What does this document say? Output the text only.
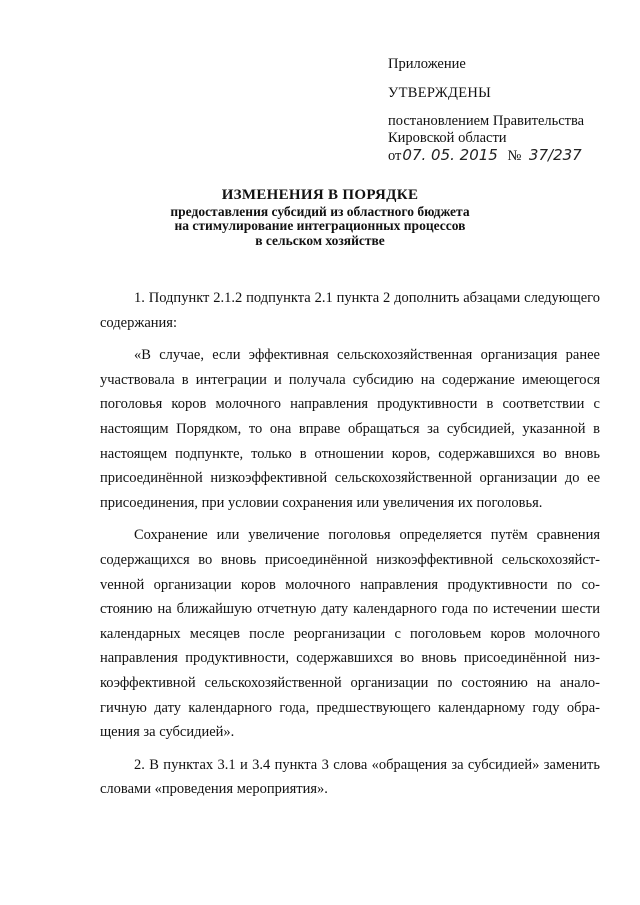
Приложение

УТВЕРЖДЕНЫ

постановлением Правительства

Кировской области

от07. 05. 2015 № 37/237

ИЗМЕНЕНИЯ В ПОРЯДКЕ
предоставления субсидий из областного бюджета
на стимулирование интеграционных процессов
в сельском хозяйстве

1. Подпункт 2.1.2 подпункта 2.1 пункта 2 дополнить абзацами следующего содержания:

«В случае, если эффективная сельскохозяйственная организация ранее участвовала в интеграции и получала субсидию на содержание имеющегося поголовья коров молочного направления продуктивности в соответствии с настоящим Порядком, то она вправе обращаться за субсидией, указанной в настоящем подпункте, только в отношении коров, содержавшихся во вновь присоединённой низкоэффективной сельскохозяйственной организации до ее присоединения, при условии сохранения или увеличения их поголовья.

Сохранение или увеличение поголовья определяется путём сравнения содержащихся во вновь присоединённой низкоэффективной сельскохозяйстvенной организации коров молочного направления продуктивности по состоянию на ближайшую отчетную дату календарного года по истечении шести календарных месяцев после реорганизации с поголовьем коров молочного направления продуктивности, содержавшихся во вновь присоединённой низкоэффективной сельскохозяйственной организации по состоянию на аналогичную дату календарного года, предшествующего календарному году обращения за субсидией».

2. В пунктах 3.1 и 3.4 пункта 3 слова «обращения за субсидией» заменить словами «проведения мероприятия».
